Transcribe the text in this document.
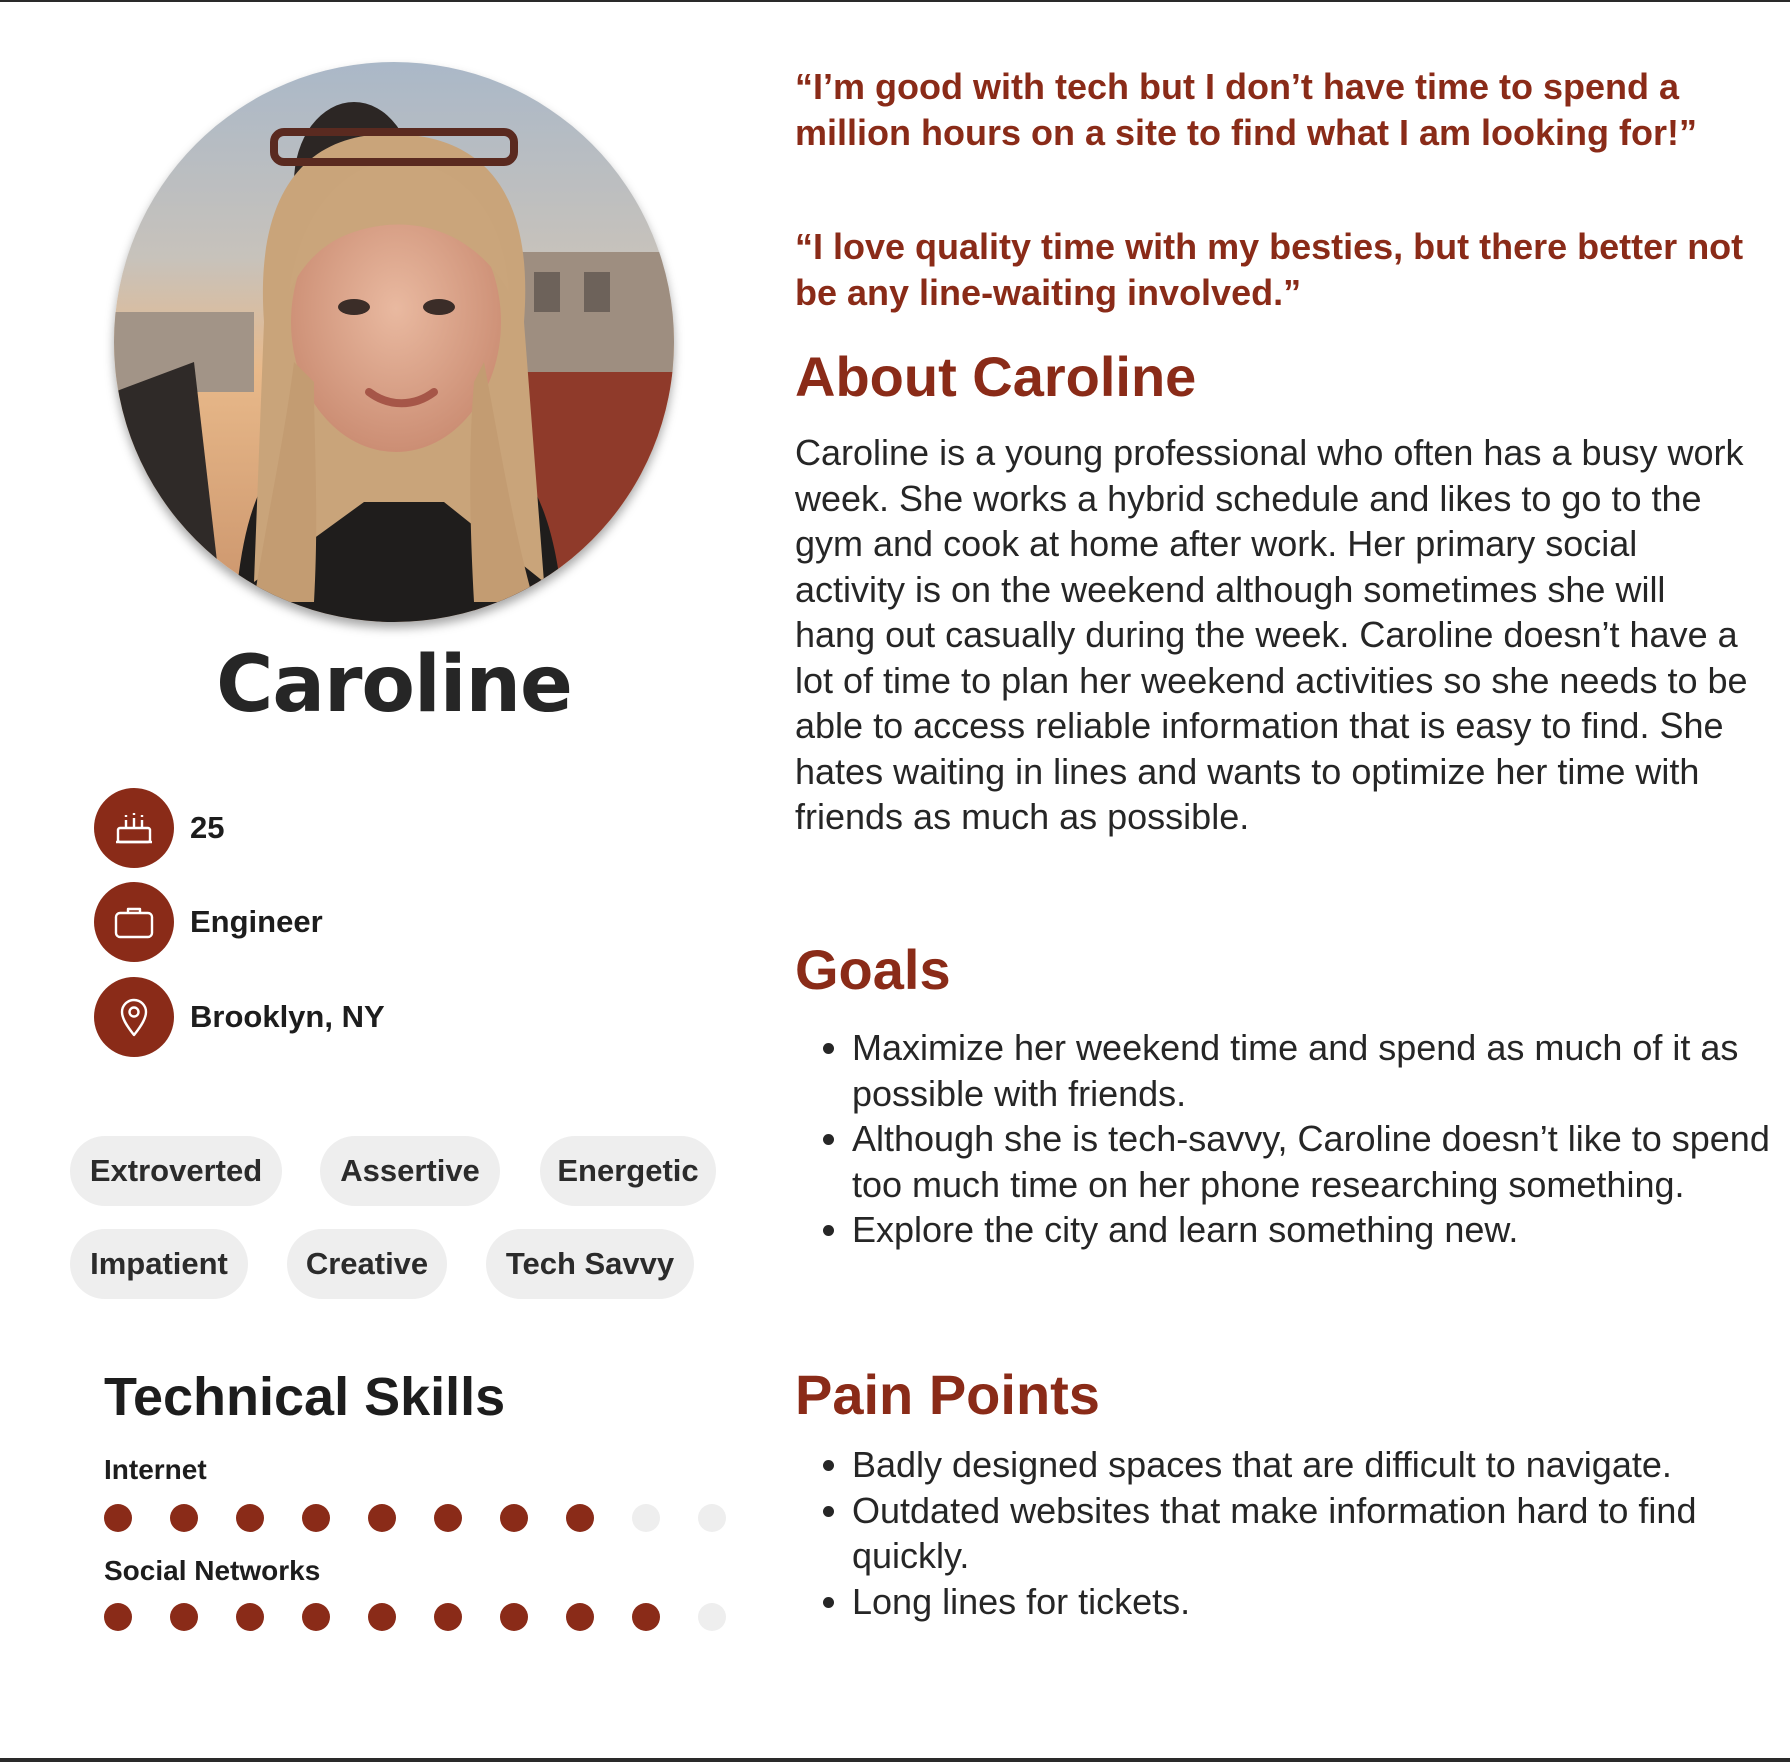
Caroline
25
Engineer
Brooklyn, NY
Extroverted	Assertive	Energetic
Impatient	Creative	Tech Savvy
Technical Skills
Internet
Social Networks
“I’m good with tech but I don’t have time to spend a million hours on a site to find what I am looking for!”
“I love quality time with my besties, but there better not be any line-waiting involved.”
About Caroline
Caroline is a young professional who often has a busy work week. She works a hybrid schedule and likes to go to the gym and cook at home after work. Her primary social activity is on the weekend although sometimes she will hang out casually during the week. Caroline doesn’t have a lot of time to plan her weekend activities so she needs to be able to access reliable information that is easy to find. She hates waiting in lines and wants to optimize her time with friends as much as possible.
Goals
• Maximize her weekend time and spend as much of it as possible with friends.
• Although she is tech-savvy, Caroline doesn’t like to spend too much time on her phone researching something.
• Explore the city and learn something new.
Pain Points
• Badly designed spaces that are difficult to navigate.
• Outdated websites that make information hard to find quickly.
• Long lines for tickets.
